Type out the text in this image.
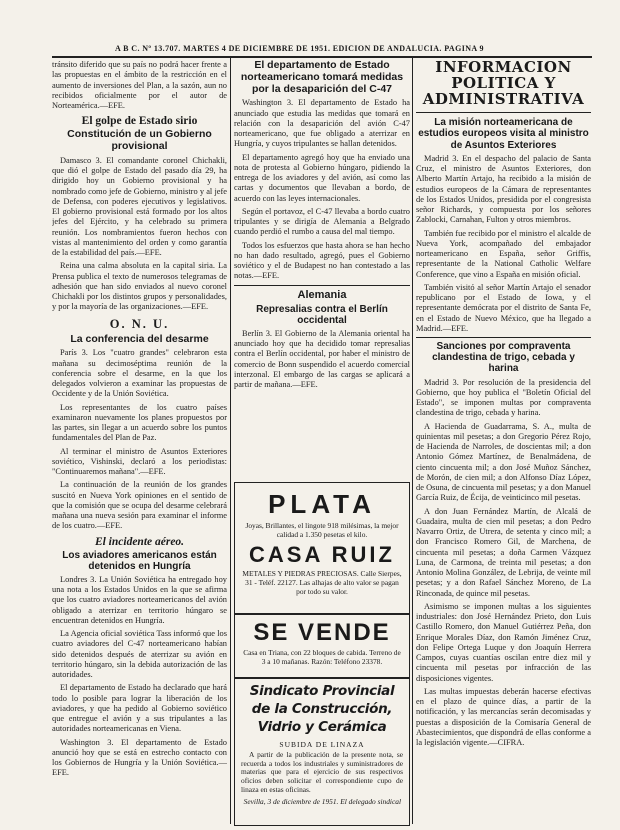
A B C. Nº 13.707. MARTES 4 DE DICIEMBRE DE 1951. EDICION DE ANDALUCIA. PAGINA 9

tránsito diferido que su país no podrá hacer frente a las propuestas en el ámbito de la restricción en el aumento de inversiones del Plan, a la sazón, aun no recibidos oficialmente por el autor de Norteamérica.—EFE.

El golpe de Estado sirio
Constitución de un Gobierno provisional

Damasco 3. El comandante coronel Chichakli, que dió el golpe de Estado del pasado día 29, ha dirigido hoy un Gobierno provisional y ha nombrado como jefe de Gobierno, ministro y al jefe de Defensa, con poderes ejecutivos y legislativos. El gobierno provisional está formado por los altos jefes del Ejército, y ha celebrado su primera reunión. Los nombramientos fueron hechos con vistas al mantenimiento del orden y como garantía de la estabilidad del país.—EFE.

Reina una calma absoluta en la capital siria. La Prensa publica el texto de numerosos telegramas de adhesión que han sido enviados al nuevo coronel Chichakli por los distintos grupos y personalidades, y por la mayoría de las organizaciones.—EFE.

O. N. U.
La conferencia del desarme

París 3. Los "cuatro grandes" celebraron esta mañana su decimoséptima reunión de la conferencia sobre el desarme, en la que los delegados volvieron a examinar las propuestas de Occidente y de la Unión Soviética.

Los representantes de los cuatro países examinaron nuevamente los planes propuestos por las partes, sin llegar a un acuerdo sobre los puntos fundamentales del Plan de Paz.

Al terminar el ministro de Asuntos Exteriores soviético, Vishinski, declaró a los periodistas: "Continuaremos mañana".—EFE.

La continuación de la reunión de los grandes suscitó en Nueva York opiniones en el sentido de que la comisión que se ocupa del desarme celebrará mañana una nueva sesión para examinar el informe de los cuatro.—EFE.

El incidente aéreo.
Los aviadores americanos están detenidos en Hungría

Londres 3. La Unión Soviética ha entregado hoy una nota a los Estados Unidos en la que se afirma que los cuatro aviadores norteamericanos del avión obligado a aterrizar en territorio húngaro se encuentran detenidos en Hungría.

La Agencia oficial soviética Tass informó que los cuatro aviadores del C-47 norteamericano habían sido detenidos después de aterrizar su avión en territorio húngaro, sin la debida autorización de las autoridades.

El departamento de Estado ha declarado que hará todo lo posible para lograr la liberación de los aviadores, y que ha pedido al Gobierno soviético que entregue el avión y a sus tripulantes a las autoridades norteamericanas en Viena.

Washington 3. El departamento de Estado anunció hoy que se está en estrecho contacto con los Gobiernos de Hungría y la Unión Soviética.—EFE.

El departamento de Estado norteamericano tomará medidas por la desaparición del C-47

Washington 3. El departamento de Estado ha anunciado que estudia las medidas que tomará en relación con la desaparición del avión C-47 norteamericano, que fue obligado a aterrizar en Hungría, y cuyos tripulantes se hallan detenidos.

El departamento agregó hoy que ha enviado una nota de protesta al Gobierno húngaro, pidiendo la entrega de los aviadores y del avión, así como las cartas y documentos que llevaban a bordo, de acuerdo con las leyes internacionales.

Según el portavoz, el C-47 llevaba a bordo cuatro tripulantes y se dirigía de Alemania a Belgrado cuando perdió el rumbo a causa del mal tiempo.

Todos los esfuerzos que hasta ahora se han hecho no han dado resultado, agregó, pues el Gobierno soviético y el de Budapest no han contestado a las notas.—EFE.

Alemania
Represalias contra el Berlín occidental

Berlín 3. El Gobierno de la Alemania oriental ha anunciado hoy que ha decidido tomar represalias contra el Berlín occidental, por haber el ministro de comercio de Bonn suspendido el acuerdo comercial interzonal. El embargo de las cargas se aplicará a partir de mañana.—EFE.

PLATA
Joyas, Brillantes, el lingote 918 milésimas, la mejor calidad a 1.350 pesetas el kilo.
CASA RUIZ
METALES Y PIEDRAS PRECIOSAS. Calle Sierpes, 31 - Teléf. 22127. Las alhajas de alto valor se pagan por todo su valor.
SE VENDE
Casa en Triana, con 22 bloques de cabida. Terreno de 3 a 10 mañanas. Razón: Teléfono 23378.
Sindicato Provincial de la Construcción, Vidrio y Cerámica
SUBIDA DE LINAZA
A partir de la publicación de la presente nota, se recuerda a todos los industriales y suministradores de materias que para el ejercicio de sus respectivos oficios deben solicitar el correspondiente cupo de linaza en estas oficinas.
Sevilla, 3 de diciembre de 1951. El delegado sindical
INFORMACION POLITICA Y ADMINISTRATIVA
La misión norteamericana de estudios europeos visita al ministro de Asuntos Exteriores

Madrid 3. En el despacho del palacio de Santa Cruz, el ministro de Asuntos Exteriores, don Alberto Martín Artajo, ha recibido a la misión de estudios europeos de la Cámara de representantes de los Estados Unidos, presidida por el congresista señor Richards, y compuesta por los señores Zablocki, Carnahan, Fulton y otros miembros.

También fue recibido por el ministro el alcalde de Nueva York, acompañado del embajador norteamericano en España, señor Griffis, representante de la National Catholic Welfare Conference, que vino a España en misión oficial.

También visitó al señor Martín Artajo el senador republicano por el Estado de Iowa, y el representante demócrata por el distrito de Santa Fe, en el Estado de Nuevo México, que ha llegado a Madrid.—EFE.

Sanciones por compraventa clandestina de trigo, cebada y harina

Madrid 3. Por resolución de la presidencia del Gobierno, que hoy publica el "Boletín Oficial del Estado", se imponen multas por compraventa clandestina de trigo, cebada y harina.

A Hacienda de Guadarrama, S. A., multa de quinientas mil pesetas; a don Gregorio Pérez Rojo, de Hacienda de Narroles, de doscientas mil; a don Antonio Gómez Martínez, de Benalmádena, de ciento cincuenta mil; a don José Muñoz Sánchez, de Morón, de cien mil; a don Alfonso Díaz López, de Osuna, de cincuenta mil pesetas; y a don Manuel García Ruiz, de Écija, de veinticinco mil pesetas.

A don Juan Fernández Martín, de Alcalá de Guadaira, multa de cien mil pesetas; a don Pedro Navarro Ortiz, de Utrera, de setenta y cinco mil; a don Francisco Romero Gil, de Marchena, de cincuenta mil pesetas; a doña Carmen Vázquez Luna, de Carmona, de treinta mil pesetas; a don Antonio Molina González, de Lebrija, de veinte mil pesetas; y a don Rafael Sánchez Moreno, de La Rinconada, de quince mil pesetas.

Asimismo se imponen multas a los siguientes industriales: don José Hernández Prieto, don Luis Castillo Romero, don Manuel Gutiérrez Peña, don Enrique Morales Díaz, don Ramón Jiménez Cruz, don Felipe Ortega Luque y don Joaquín Herrera Campos, cuyas cuantías oscilan entre diez mil y cincuenta mil pesetas por infracción de las disposiciones vigentes.

Las multas impuestas deberán hacerse efectivas en el plazo de quince días, a partir de la notificación, y las mercancías serán decomisadas y puestas a disposición de la Comisaría General de Abastecimientos, que dispondrá de ellas conforme a la legislación vigente.—CIFRA.
